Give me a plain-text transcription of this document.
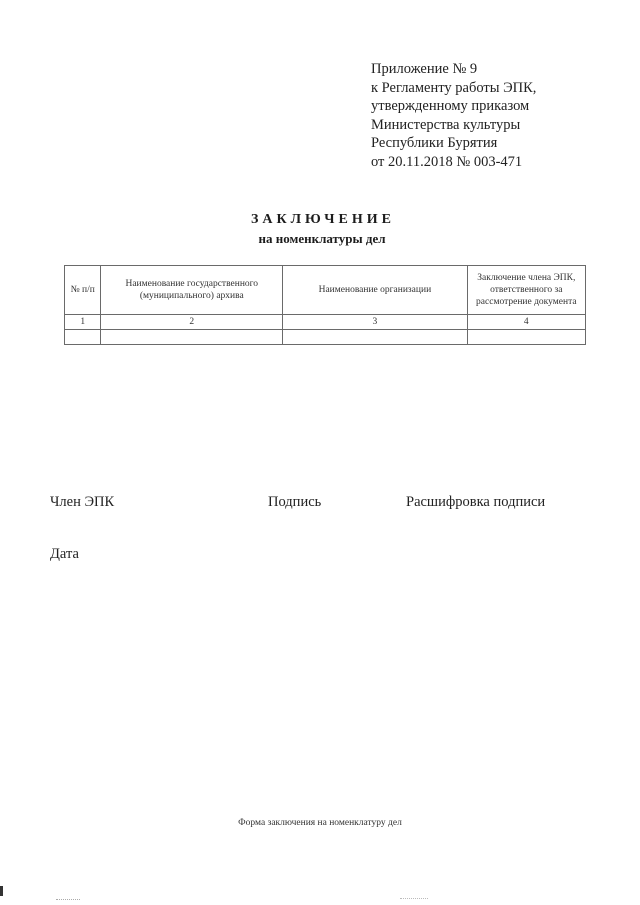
Приложение № 9
к Регламенту работы ЭПК,
утвержденному приказом
Министерства культуры
Республики Бурятия
от 20.11.2018 № 003-471
ЗАКЛЮЧЕНИЕ
на номенклатуры дел
№ п/п	Наименование государственного (муниципального) архива	Наименование организации	Заключение члена ЭПК, ответственного за рассмотрение документа
1	2	3	4

Член ЭПК	Подпись	Расшифровка подписи
Дата
Форма заключения на номенклатуру дел
